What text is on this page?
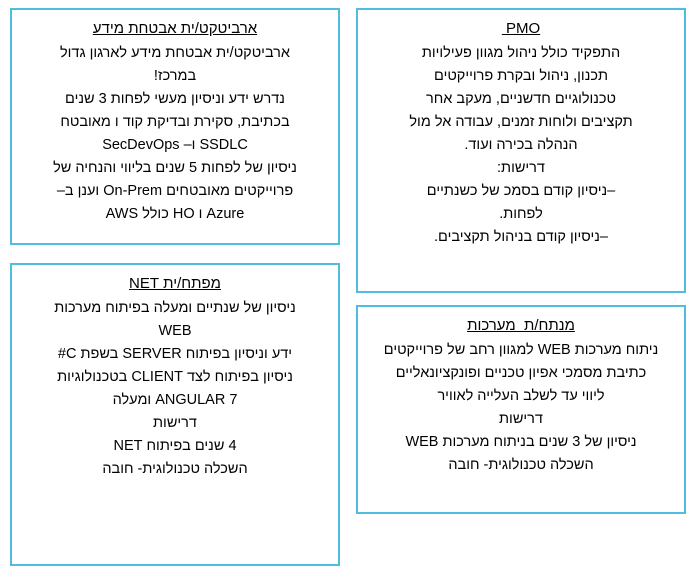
ארביטקט/ית אבטחת מידע
ארביטקט/ית אבטחת מידע לארגון גדול
במרכז!
נדרש ידע וניסיון מעשי לפחות 3 שנים
בכתיבת, סקירת ובדיקת קוד ו מאובטח
SSDLC ו– SecDevOps
ניסיון של לפחות 5 שנים בליווי והנחיה של
פרוייקטים מאובטחים On-Prem וענן ב–
Azure ו HO כולל AWS
PMO
התפקיד כולל ניהול מגוון פעילויות
תכנון, ניהול ובקרת פרוייקטים
טכנולוגיים חדשניים, מעקב אחר
תקציבים ולוחות זמנים, עבודה אל מול
הנהלה בכירה ועוד.
דרישות:
–ניסיון קודם בסמכ של כשנתיים
לפחות.
–ניסיון קודם בניהול תקציבים.
מפתח/ית NET
ניסיון של שנתיים ומעלה בפיתוח מערכות
WEB
ידע וניסיון בפיתוח SERVER בשפת C#
ניסיון בפיתוח לצד CLIENT בטכנולוגיות
ANGULAR 7 ומעלה
דרישות
4 שנים בפיתוח NET
השכלה טכנולוגית- חובה
מנתח/ת  מערכות
ניתוח מערכות WEB למגוון רחב של פרוייקטים
כתיבת מסמכי אפיון טכניים ופונקציונאליים
ליווי עד לשלב העלייה לאוויר
דרישות
ניסיון של 3 שנים בניתוח מערכות WEB
השכלה טכנולוגית- חובה
